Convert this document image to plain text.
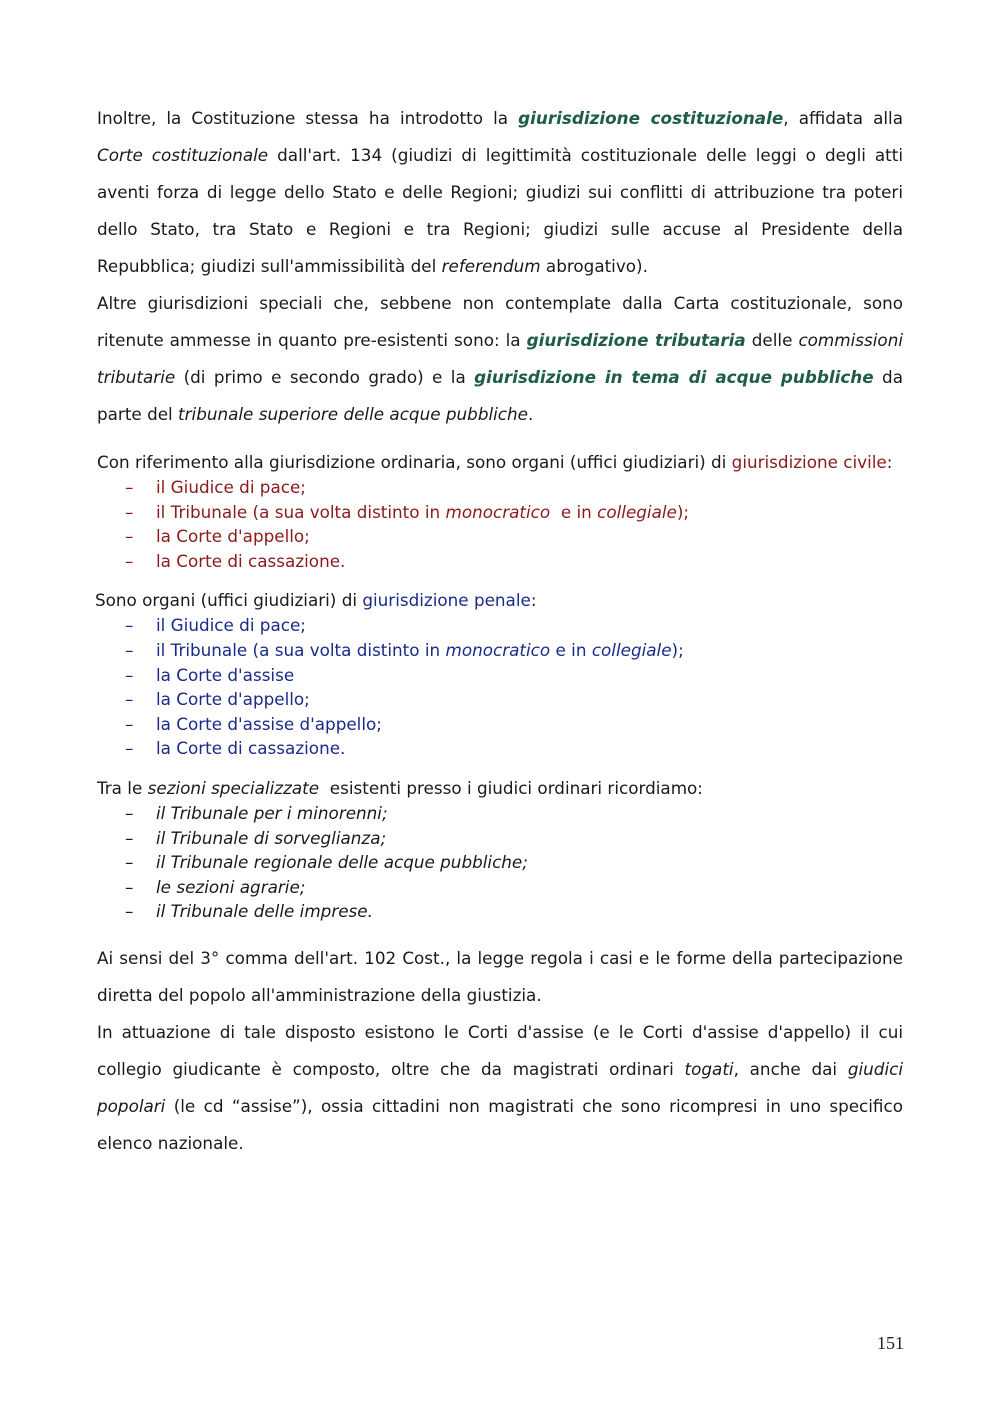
Inoltre, la Costituzione stessa ha introdotto la giurisdizione costituzionale, affidata alla Corte costituzionale dall'art. 134 (giudizi di legittimità costituzionale delle leggi o degli atti aventi forza di legge dello Stato e delle Regioni; giudizi sui conflitti di attribuzione tra poteri dello Stato, tra Stato e Regioni e tra Regioni; giudizi sulle accuse al Presidente della Repubblica; giudizi sull'ammissibilità del referendum abrogativo).

Altre giurisdizioni speciali che, sebbene non contemplate dalla Carta costituzionale, sono ritenute ammesse in quanto pre-esistenti sono: la giurisdizione tributaria delle commissioni tributarie (di primo e secondo grado) e la giurisdizione in tema di acque pubbliche da parte del tribunale superiore delle acque pubbliche.

Con riferimento alla giurisdizione ordinaria, sono organi (uffici giudiziari) di giurisdizione civile:

– il Giudice di pace;
– il Tribunale (a sua volta distinto in monocratico  e in collegiale);
– la Corte d'appello;
– la Corte di cassazione.

Sono organi (uffici giudiziari) di giurisdizione penale:

– il Giudice di pace;
– il Tribunale (a sua volta distinto in monocratico e in collegiale);
– la Corte d'assise
– la Corte d'appello;
– la Corte d'assise d'appello;
– la Corte di cassazione.

Tra le sezioni specializzate  esistenti presso i giudici ordinari ricordiamo:

– il Tribunale per i minorenni;
– il Tribunale di sorveglianza;
– il Tribunale regionale delle acque pubbliche;
– le sezioni agrarie;
– il Tribunale delle imprese.

Ai sensi del 3° comma dell'art. 102 Cost., la legge regola i casi e le forme della partecipazione diretta del popolo all'amministrazione della giustizia.

In attuazione di tale disposto esistono le Corti d'assise (e le Corti d'assise d'appello) il cui collegio giudicante è composto, oltre che da magistrati ordinari togati, anche dai giudici popolari (le cd “assise”), ossia cittadini non magistrati che sono ricompresi in uno specifico elenco nazionale.

151
